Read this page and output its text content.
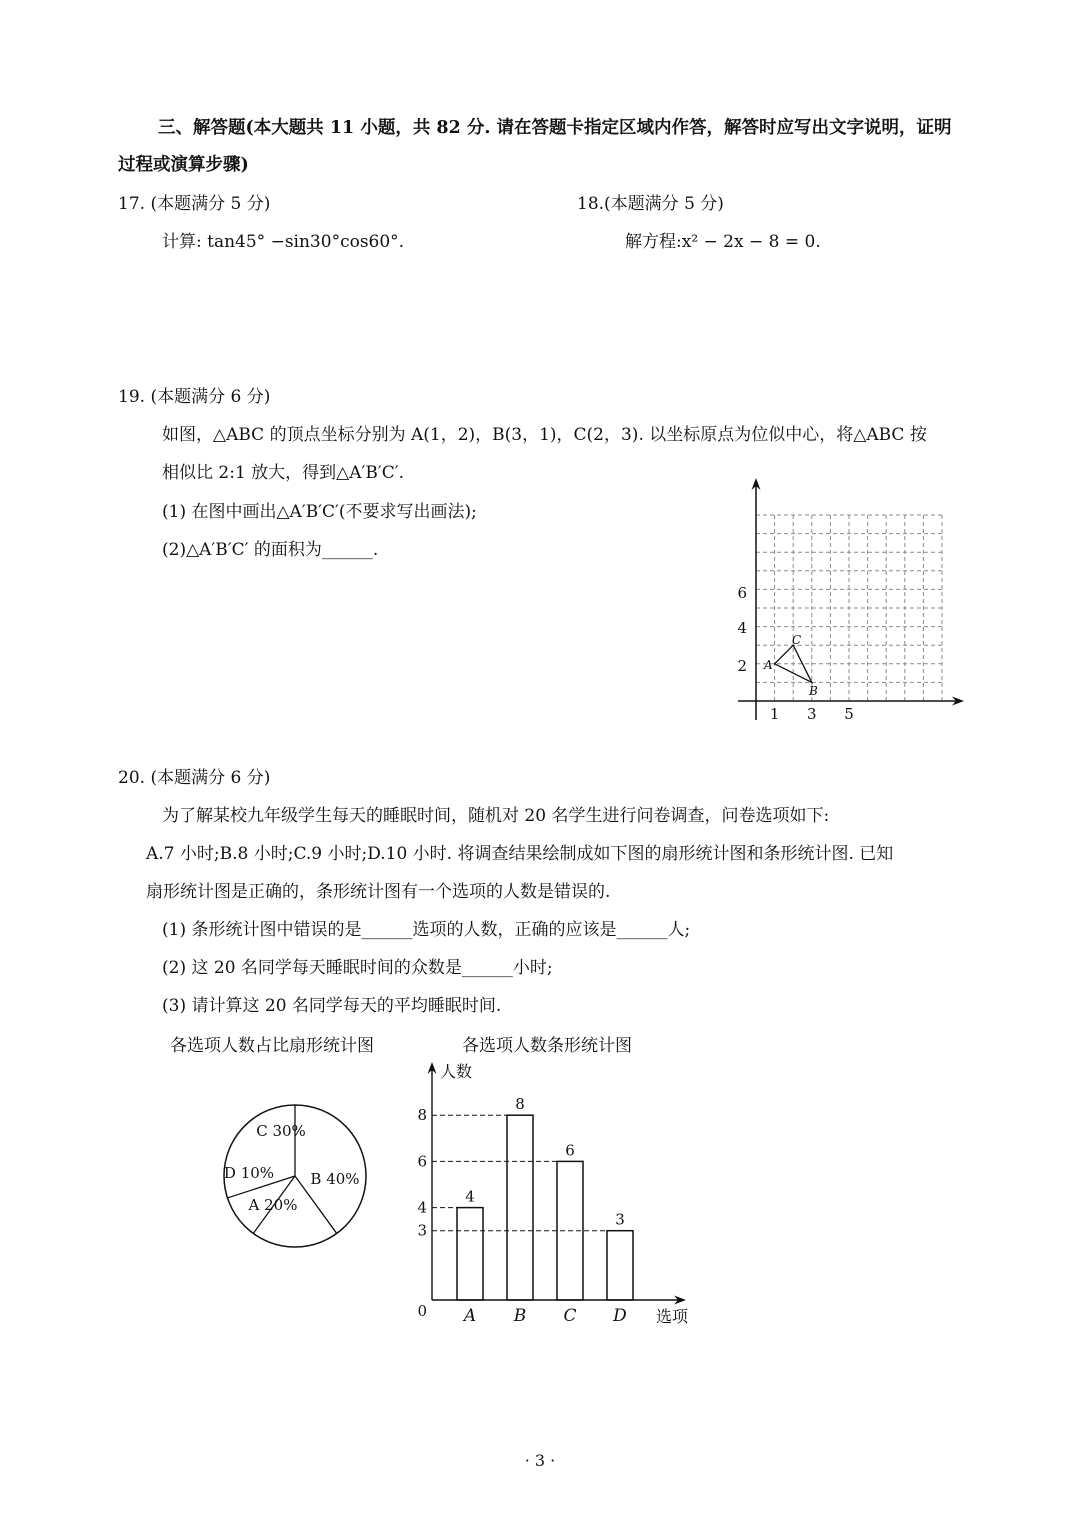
三、解答题(本大题共 11 小题，共 82 分. 请在答题卡指定区域内作答，解答时应写出文字说明，证明
过程或演算步骤)
17. (本题满分 5 分)
计算: tan45° −sin30°cos60°.
18.(本题满分 5 分)
解方程:x² − 2x − 8 = 0.
19. (本题满分 6 分)
如图，△ABC 的顶点坐标分别为 A(1，2)，B(3，1)，C(2，3). 以坐标原点为位似中心，将△ABC 按
相似比 2:1 放大，得到△A′B′C′.
(1) 在图中画出△A′B′C′(不要求写出画法);
(2)△A′B′C′ 的面积为______.
6
4
2
1 3 5
A
B
C
20. (本题满分 6 分)
为了解某校九年级学生每天的睡眠时间，随机对 20 名学生进行问卷调查，问卷选项如下:
A.7 小时;B.8 小时;C.9 小时;D.10 小时. 将调查结果绘制成如下图的扇形统计图和条形统计图. 已知
扇形统计图是正确的，条形统计图有一个选项的人数是错误的.
(1) 条形统计图中错误的是______选项的人数，正确的应该是______人;
(2) 这 20 名同学每天睡眠时间的众数是______小时;
(3) 请计算这 20 名同学每天的平均睡眠时间.
各选项人数占比扇形统计图	各选项人数条形统计图
A 20%
B 40%
C 30%
D 10%
人数
选项
0
3
4
6
8
4
A
8
B
6
C
3
D
· 3 ·
